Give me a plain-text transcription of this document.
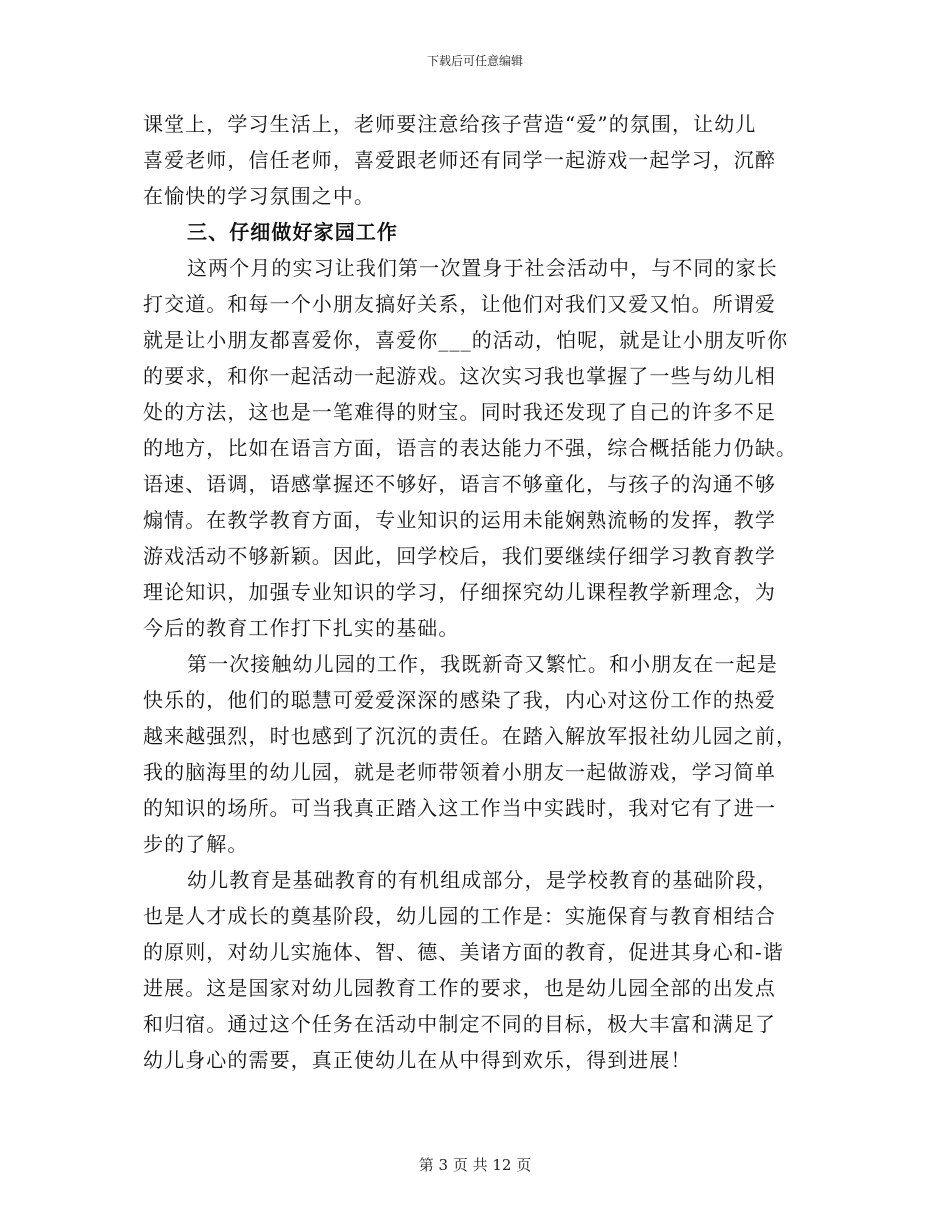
下载后可任意编辑
课堂上，学习生活上，老师要注意给孩子营造“爱”的氛围，让幼儿
喜爱老师，信任老师，喜爱跟老师还有同学一起游戏一起学习，沉醉
在愉快的学习氛围之中。
三、仔细做好家园工作
这两个月的实习让我们第一次置身于社会活动中，与不同的家长
打交道。和每一个小朋友搞好关系，让他们对我们又爱又怕。所谓爱
就是让小朋友都喜爱你，喜爱你___的活动，怕呢，就是让小朋友听你
的要求，和你一起活动一起游戏。这次实习我也掌握了一些与幼儿相
处的方法，这也是一笔难得的财宝。同时我还发现了自己的许多不足
的地方，比如在语言方面，语言的表达能力不强，综合概括能力仍缺。
语速、语调，语感掌握还不够好，语言不够童化，与孩子的沟通不够
煽情。在教学教育方面，专业知识的运用未能娴熟流畅的发挥，教学
游戏活动不够新颖。因此，回学校后，我们要继续仔细学习教育教学
理论知识，加强专业知识的学习，仔细探究幼儿课程教学新理念，为
今后的教育工作打下扎实的基础。
第一次接触幼儿园的工作，我既新奇又繁忙。和小朋友在一起是
快乐的，他们的聪慧可爱爱深深的感染了我，内心对这份工作的热爱
越来越强烈，时也感到了沉沉的责任。在踏入解放军报社幼儿园之前，
我的脑海里的幼儿园，就是老师带领着小朋友一起做游戏，学习简单
的知识的场所。可当我真正踏入这工作当中实践时，我对它有了进一
步的了解。
幼儿教育是基础教育的有机组成部分，是学校教育的基础阶段，
也是人才成长的奠基阶段，幼儿园的工作是：实施保育与教育相结合
的原则，对幼儿实施体、智、德、美诸方面的教育，促进其身心和-谐
进展。这是国家对幼儿园教育工作的要求，也是幼儿园全部的出发点
和归宿。通过这个任务在活动中制定不同的目标，极大丰富和满足了
幼儿身心的需要，真正使幼儿在从中得到欢乐，得到进展！
第 3 页 共 12 页
